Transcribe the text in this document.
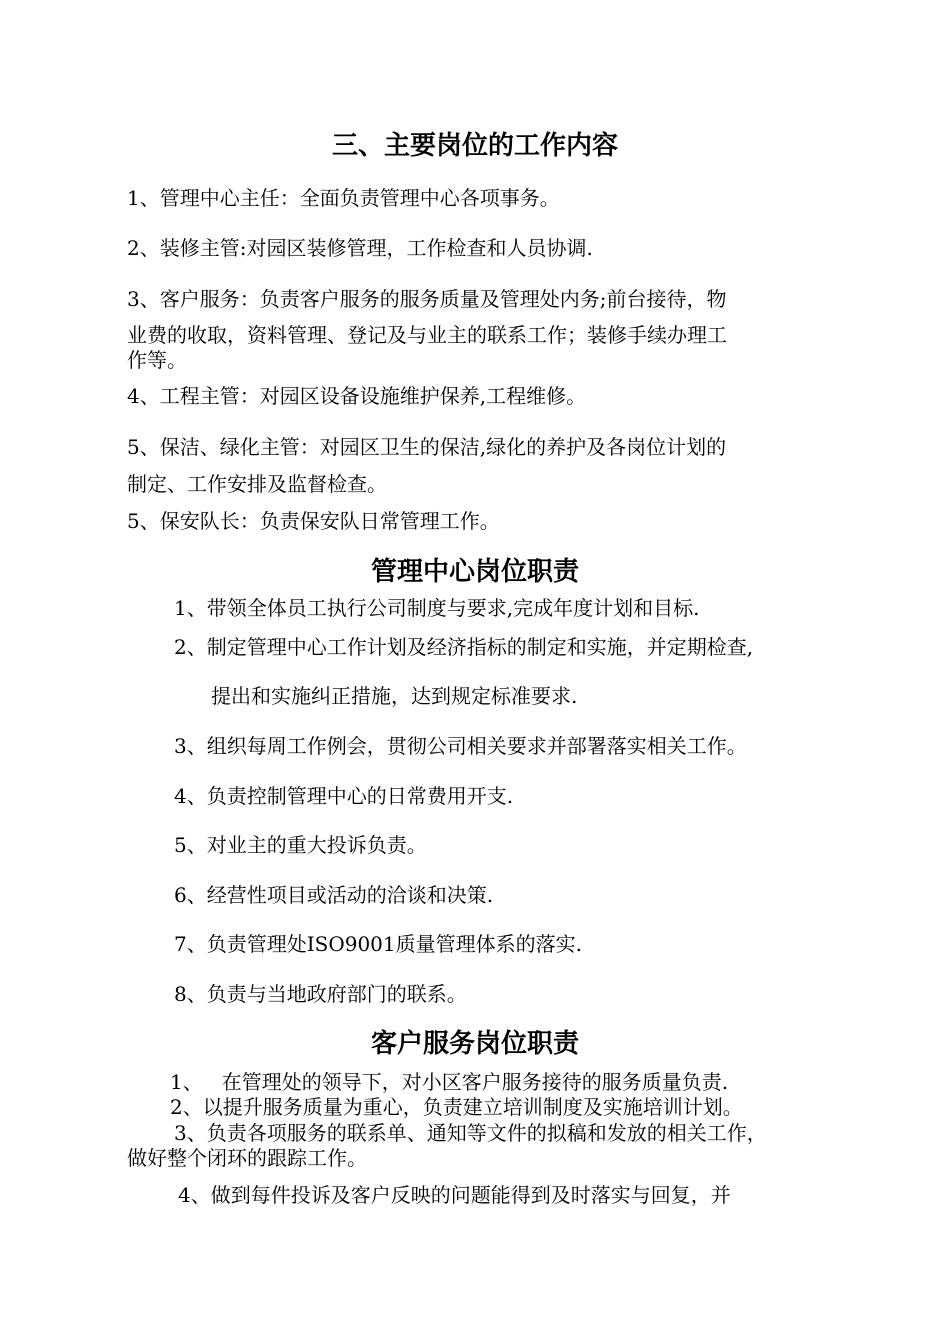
三、主要岗位的工作内容
1、管理中心主任：全面负责管理中心各项事务。
2、装修主管:对园区装修管理，工作检查和人员协调.
3、客户服务：负责客户服务的服务质量及管理处内务;前台接待，物
业费的收取，资料管理、登记及与业主的联系工作；装修手续办理工
作等。
4、工程主管：对园区设备设施维护保养,工程维修。
5、保洁、绿化主管：对园区卫生的保洁,绿化的养护及各岗位计划的
制定、工作安排及监督检查。
5、保安队长：负责保安队日常管理工作。
管理中心岗位职责
1、带领全体员工执行公司制度与要求,完成年度计划和目标.
2、制定管理中心工作计划及经济指标的制定和实施，并定期检查,
提出和实施纠正措施，达到规定标准要求.
3、组织每周工作例会，贯彻公司相关要求并部署落实相关工作。
4、负责控制管理中心的日常费用开支.
5、对业主的重大投诉负责。
6、经营性项目或活动的洽谈和决策.
7、负责管理处ISO9001质量管理体系的落实.
8、负责与当地政府部门的联系。
客户服务岗位职责
1、   在管理处的领导下，对小区客户服务接待的服务质量负责.
2、以提升服务质量为重心，负责建立培训制度及实施培训计划。
3、负责各项服务的联系单、通知等文件的拟稿和发放的相关工作，
做好整个闭环的跟踪工作。
4、做到每件投诉及客户反映的问题能得到及时落实与回复，并
